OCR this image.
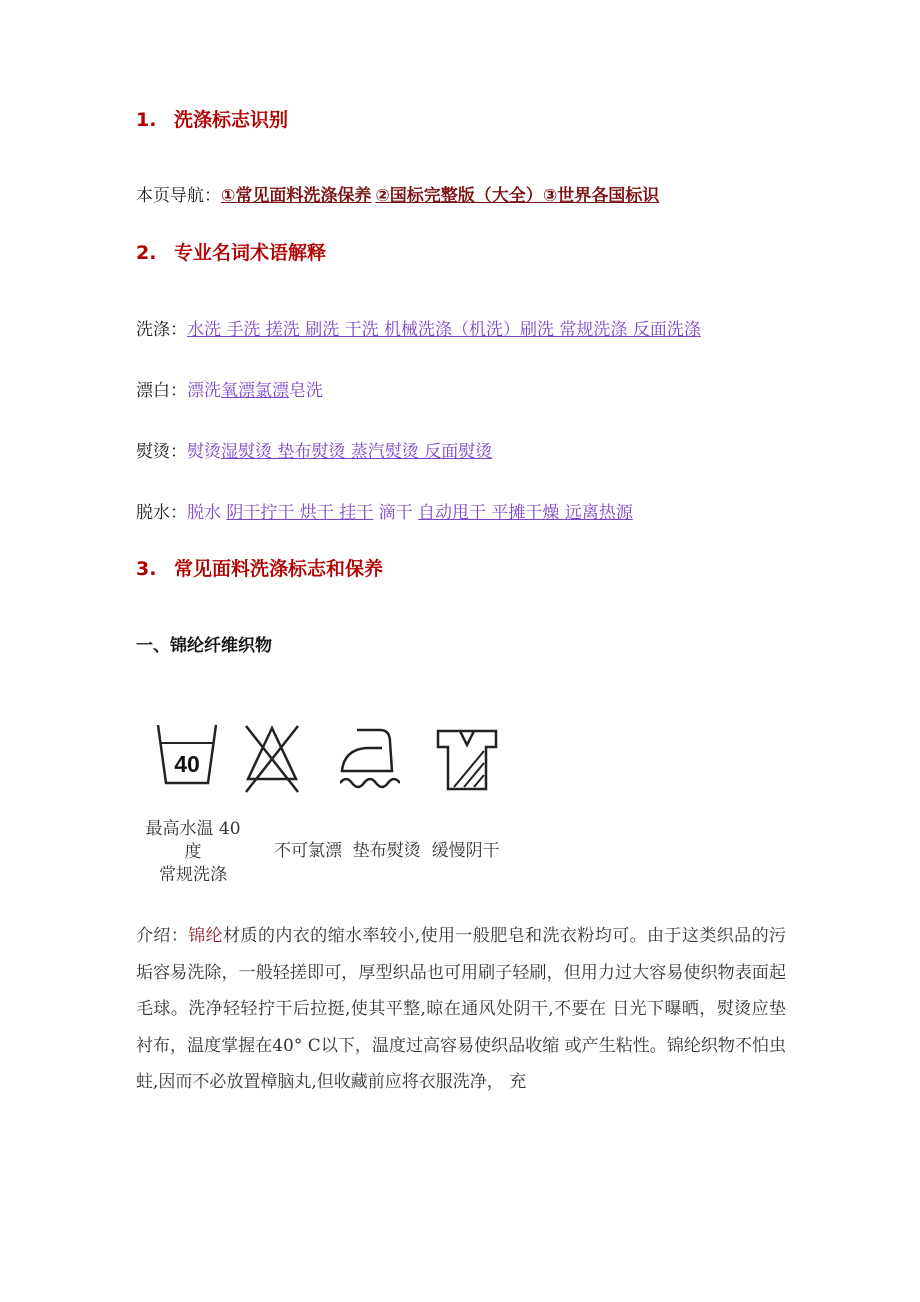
1. 洗涤标志识别
本页导航：①常见面料洗涤保养 ②国标完整版（大全）③世界各国标识
2. 专业名词术语解释
洗涤：水洗 手洗 搓洗 刷洗 干洗 机械洗涤（机洗）刷洗 常规洗涤 反面洗涤
漂白：漂洗氧漂氯漂皂洗
熨烫：熨烫湿熨烫 垫布熨烫 蒸汽熨烫 反面熨烫
脱水：脱水 阴干拧干 烘干 挂干 滴干 自动甩干 平摊干燥 远离热源
3. 常见面料洗涤标志和保养
一、锦纶纤维织物
40
最高水温 40
度
常规洗涤
不可氯漂  垫布熨烫  缓慢阴干
介绍：锦纶材质的内衣的缩水率较小,使用一般肥皂和洗衣粉均可。由于这类织品的污垢容易洗除，一般轻搓即可，厚型织品也可用刷子轻刷，但用力过大容易使织物表面起毛球。洗净轻轻拧干后拉挺,使其平整,晾在通风处阴干,不要在 日光下曝晒，熨烫应垫衬布，温度掌握在40° C以下，温度过高容易使织品收缩 或产生粘性。锦纶织物不怕虫蛀,因而不必放置樟脑丸,但收藏前应将衣服洗净， 充
